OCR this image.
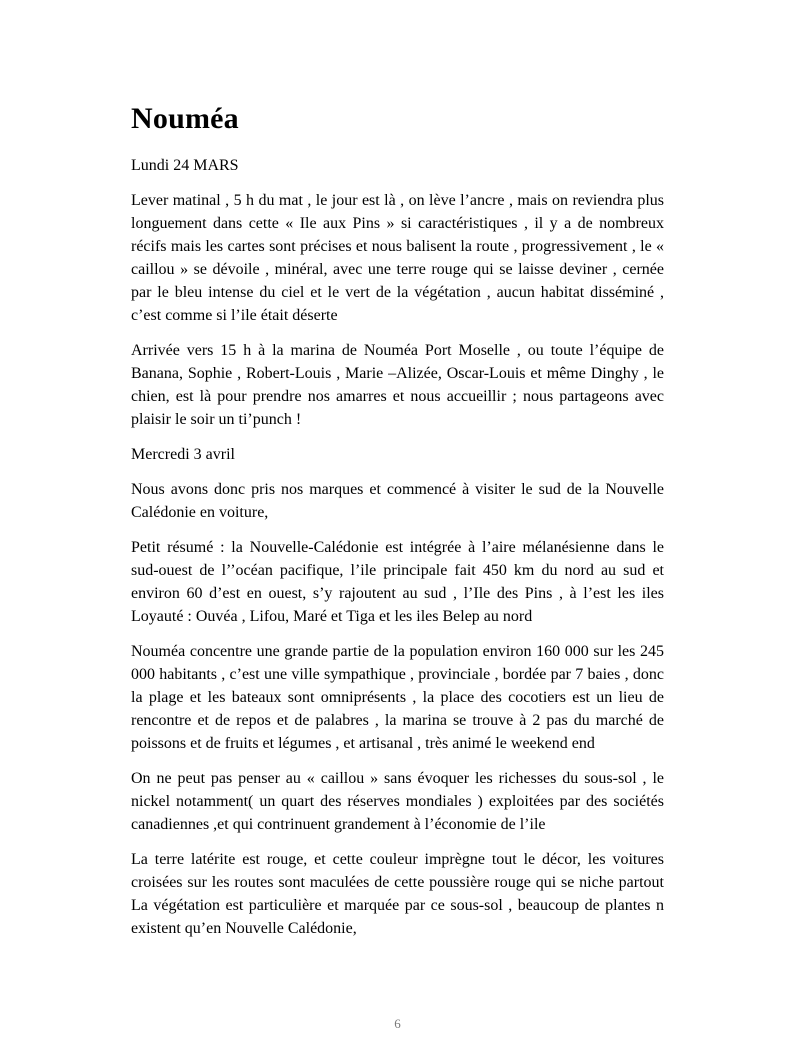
Nouméa
Lundi 24 MARS

Lever matinal , 5 h du mat , le jour est là , on lève l’ancre , mais on reviendra plus longuement dans cette « Ile aux Pins » si caractéristiques , il y a de nombreux récifs mais les cartes sont précises et nous balisent la route , progressivement , le « caillou » se dévoile , minéral, avec une terre rouge qui se laisse deviner , cernée par le bleu intense du ciel et le vert de la végétation , aucun habitat disséminé , c’est comme si l’ile était déserte

Arrivée vers 15 h à la marina de Nouméa Port Moselle , ou toute l’équipe de Banana, Sophie , Robert-Louis , Marie –Alizée, Oscar-Louis et même Dinghy , le chien, est là pour prendre nos amarres et nous accueillir ; nous partageons avec plaisir le soir un ti’punch !

Mercredi 3 avril

Nous avons donc pris nos marques et commencé à visiter le sud de la Nouvelle Calédonie en voiture,

Petit résumé : la Nouvelle-Calédonie est intégrée à l’aire mélanésienne dans le sud-ouest de l’’océan pacifique, l’ile principale fait 450 km du nord au sud et environ 60 d’est en ouest, s’y rajoutent au sud , l’Ile des Pins , à l’est les iles Loyauté : Ouvéa , Lifou, Maré et Tiga et les iles Belep au nord

Nouméa concentre une grande partie de la population environ 160 000 sur les 245 000 habitants , c’est une ville sympathique , provinciale , bordée par 7 baies , donc la plage et les bateaux sont omniprésents , la place des cocotiers est un lieu de rencontre et de repos et de palabres , la marina se trouve à 2 pas du marché de poissons et de fruits et légumes , et artisanal , très animé le weekend end

On ne peut pas penser au « caillou » sans évoquer les richesses du sous-sol , le nickel notamment( un quart des réserves mondiales ) exploitées par des sociétés canadiennes ,et qui contrinuent grandement à l’économie de l’ile

La terre latérite est rouge, et cette couleur imprègne tout le décor, les voitures croisées sur les routes sont maculées de cette poussière rouge qui se niche partout La végétation est particulière et marquée par ce sous-sol , beaucoup de plantes n existent qu’en Nouvelle Calédonie,

6
